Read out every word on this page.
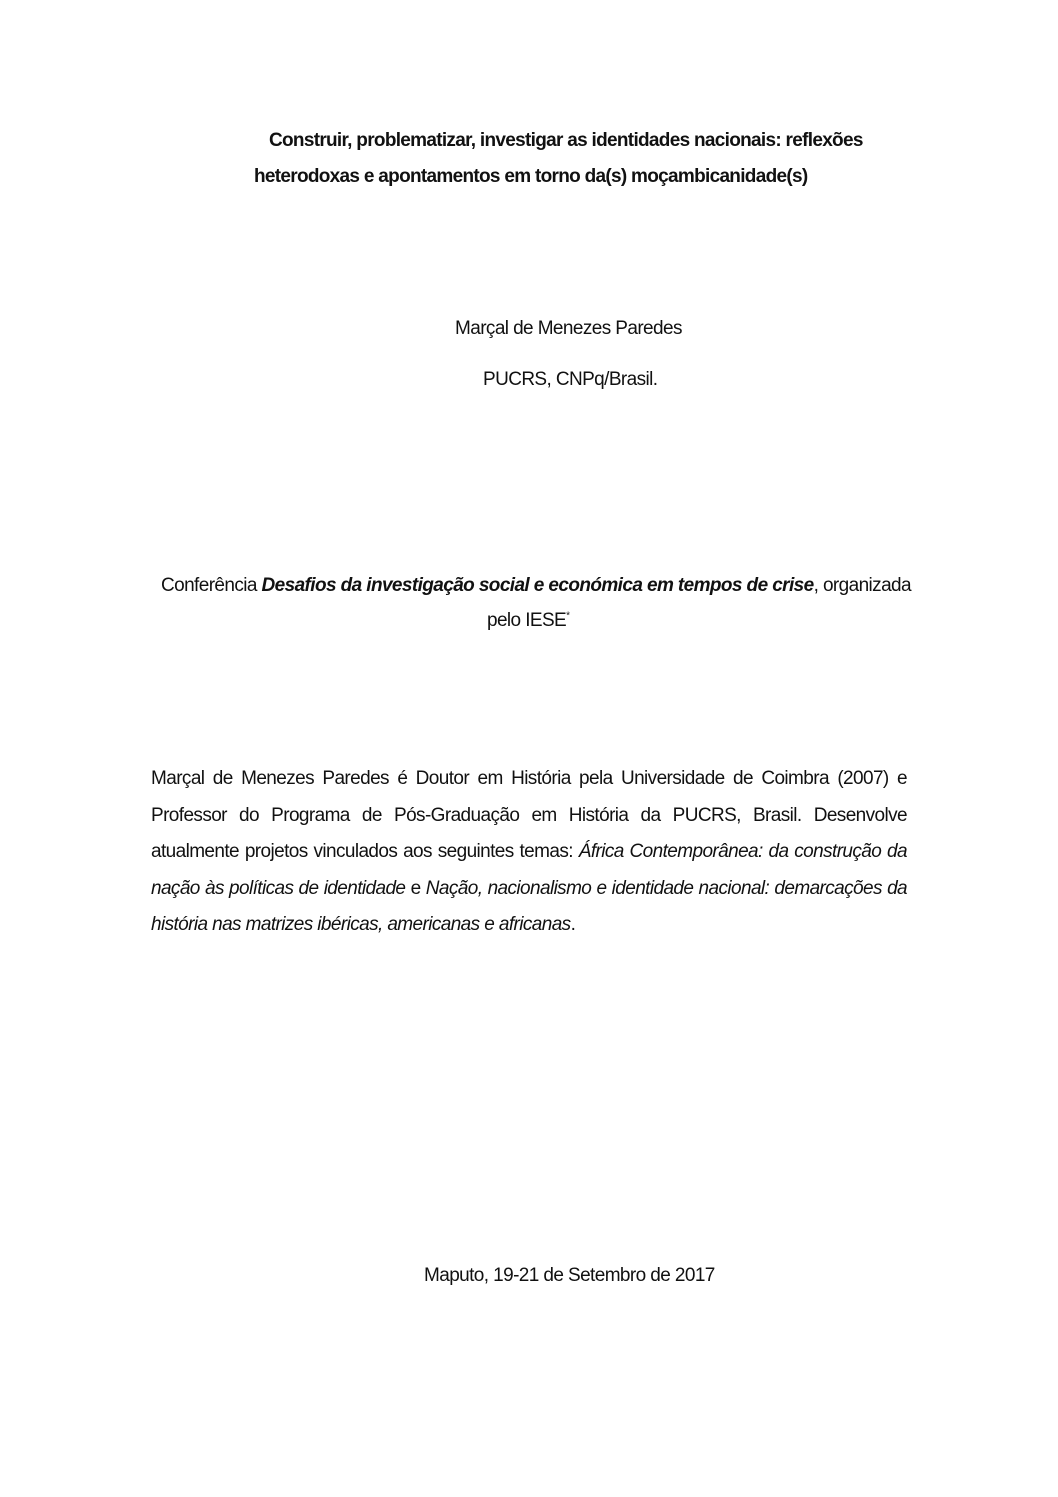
Construir, problematizar, investigar as identidades nacionais: reflexões
heterodoxas e apontamentos em torno da(s) moçambicanidade(s)
Marçal de Menezes Paredes
PUCRS, CNPq/Brasil.
Conferência Desafios da investigação social e económica em tempos de crise, organizada
pelo IESE*
Marçal de Menezes Paredes é Doutor em História pela Universidade de Coimbra (2007) e
Professor do Programa de Pós-Graduação em História da PUCRS, Brasil. Desenvolve
atualmente projetos vinculados aos seguintes temas: África Contemporânea: da construção da
nação às políticas de identidade e Nação, nacionalismo e identidade nacional: demarcações da
história nas matrizes ibéricas, americanas e africanas.
Maputo, 19-21 de Setembro de 2017
